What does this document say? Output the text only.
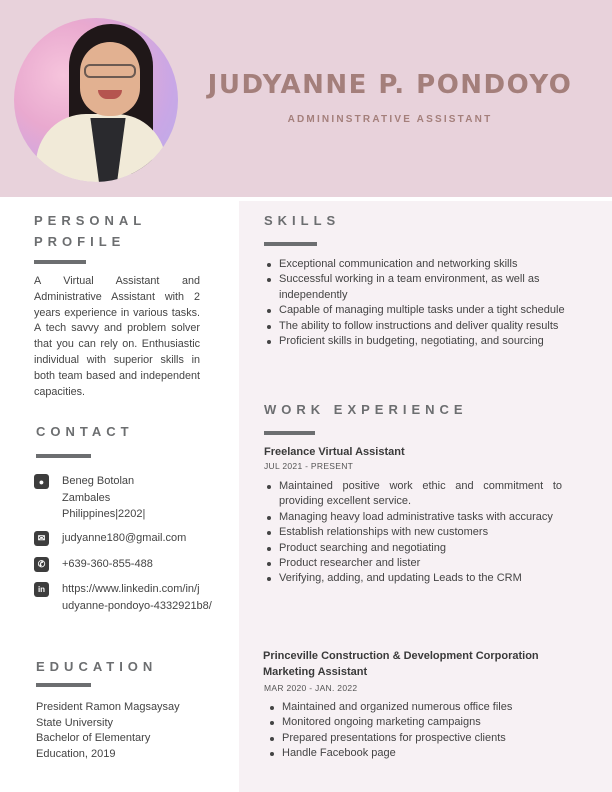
JUDYANNE P. PONDOYO
ADMININSTRATIVE ASSISTANT
PERSONAL
PROFILE
A Virtual Assistant and Administrative Assistant with 2 years experience in various tasks. A tech savvy and problem solver that you can rely on. Enthusiastic individual with superior skills in both team based and independent capacities.
CONTACT
●	Beneg Botolan
Zambales
Philippines|2202|
✉	judyanne180@gmail.com
✆	+639-360-855-488
in	https://www.linkedin.com/in/j
udyanne-pondoyo-4332921b8/
EDUCATION
President Ramon Magsaysay
State University
Bachelor of Elementary
Education, 2019
SKILLS
Exceptional communication and networking skills
Successful working in a team environment, as well as independently
Capable of managing multiple tasks under a tight schedule
The ability to follow instructions and deliver quality results
Proficient skills in budgeting, negotiating, and sourcing
WORK EXPERIENCE
Freelance Virtual Assistant
JUL 2021 - PRESENT
Maintained positive work ethic and commitment to providing excellent service.
Managing heavy load administrative tasks with accuracy
Establish relationships with new customers
Product searching and negotiating
Product researcher and lister
Verifying, adding, and updating Leads to the CRM
Princeville Construction & Development Corporation
Marketing Assistant
MAR 2020 - JAN. 2022
Maintained and organized numerous office files
Monitored ongoing marketing campaigns
Prepared presentations for prospective clients
Handle Facebook page
